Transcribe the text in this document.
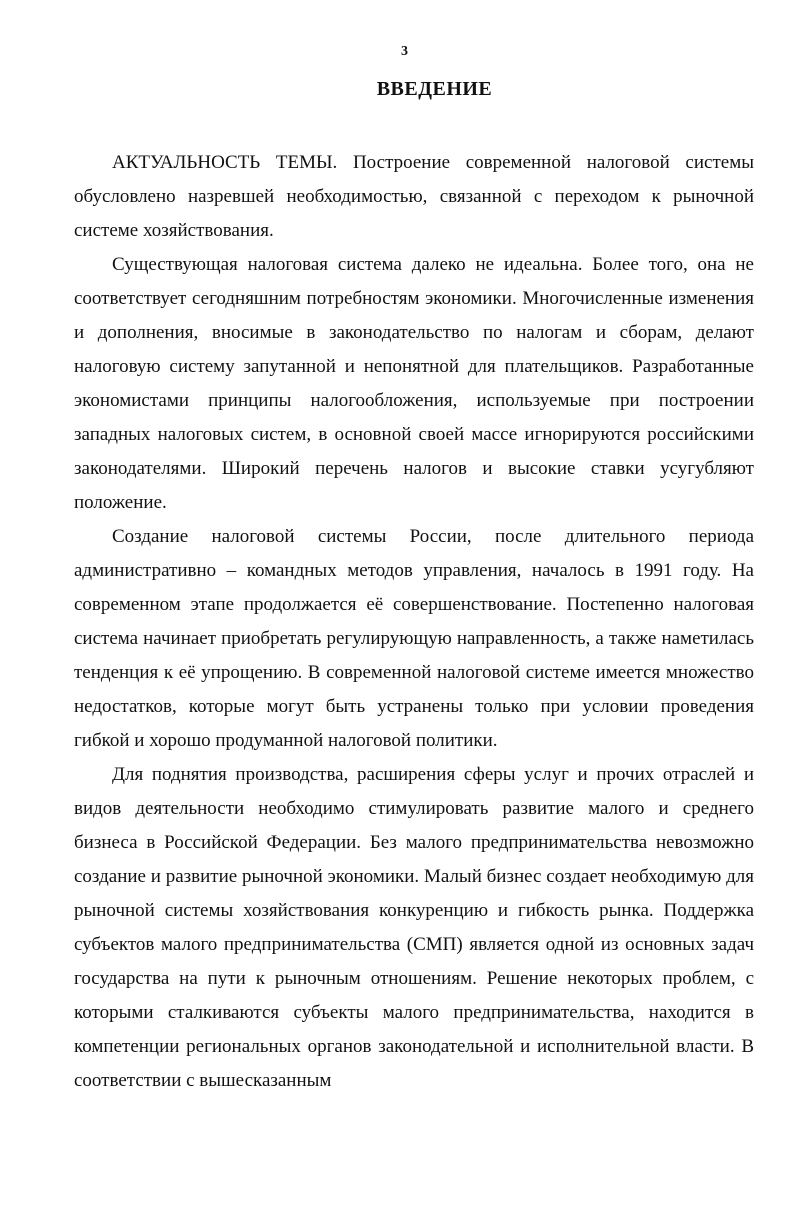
3
ВВЕДЕНИЕ

АКТУАЛЬНОСТЬ ТЕМЫ. Построение современной налоговой системы обусловлено назревшей необходимостью, связанной с переходом к рыночной системе хозяйствования.

Существующая налоговая система далеко не идеальна. Более того, она не соответствует сегодняшним потребностям экономики. Многочисленные изменения и дополнения, вносимые в законодательство по налогам и сборам, делают налоговую систему запутанной и непонятной для плательщиков. Разработанные экономистами принципы налогообложения, используемые при построении западных налоговых систем, в основной своей массе игнорируются российскими законодателями. Широкий перечень налогов и высокие ставки усугубляют положение.

Создание налоговой системы России, после длительного периода административно – командных методов управления, началось в 1991 году. На современном этапе продолжается её совершенствование. Постепенно налоговая система начинает приобретать регулирующую направленность, а также наметилась тенденция к её упрощению. В современной налоговой системе имеется множество недостатков, которые могут быть устранены только при условии проведения гибкой и хорошо продуманной налоговой политики.

Для поднятия производства, расширения сферы услуг и прочих отраслей и видов деятельности необходимо стимулировать развитие малого и среднего бизнеса в Российской Федерации. Без малого предпринимательства невозможно создание и развитие рыночной экономики. Малый бизнес создает необходимую для рыночной системы хозяйствования конкуренцию и гибкость рынка. Поддержка субъектов малого предпринимательства (СМП) является одной из основных задач государства на пути к рыночным отношениям. Решение некоторых проблем, с которыми сталкиваются субъекты малого предпринимательства, находится в компетенции региональных органов законодательной и исполнительной власти. В соответствии с вышесказанным
